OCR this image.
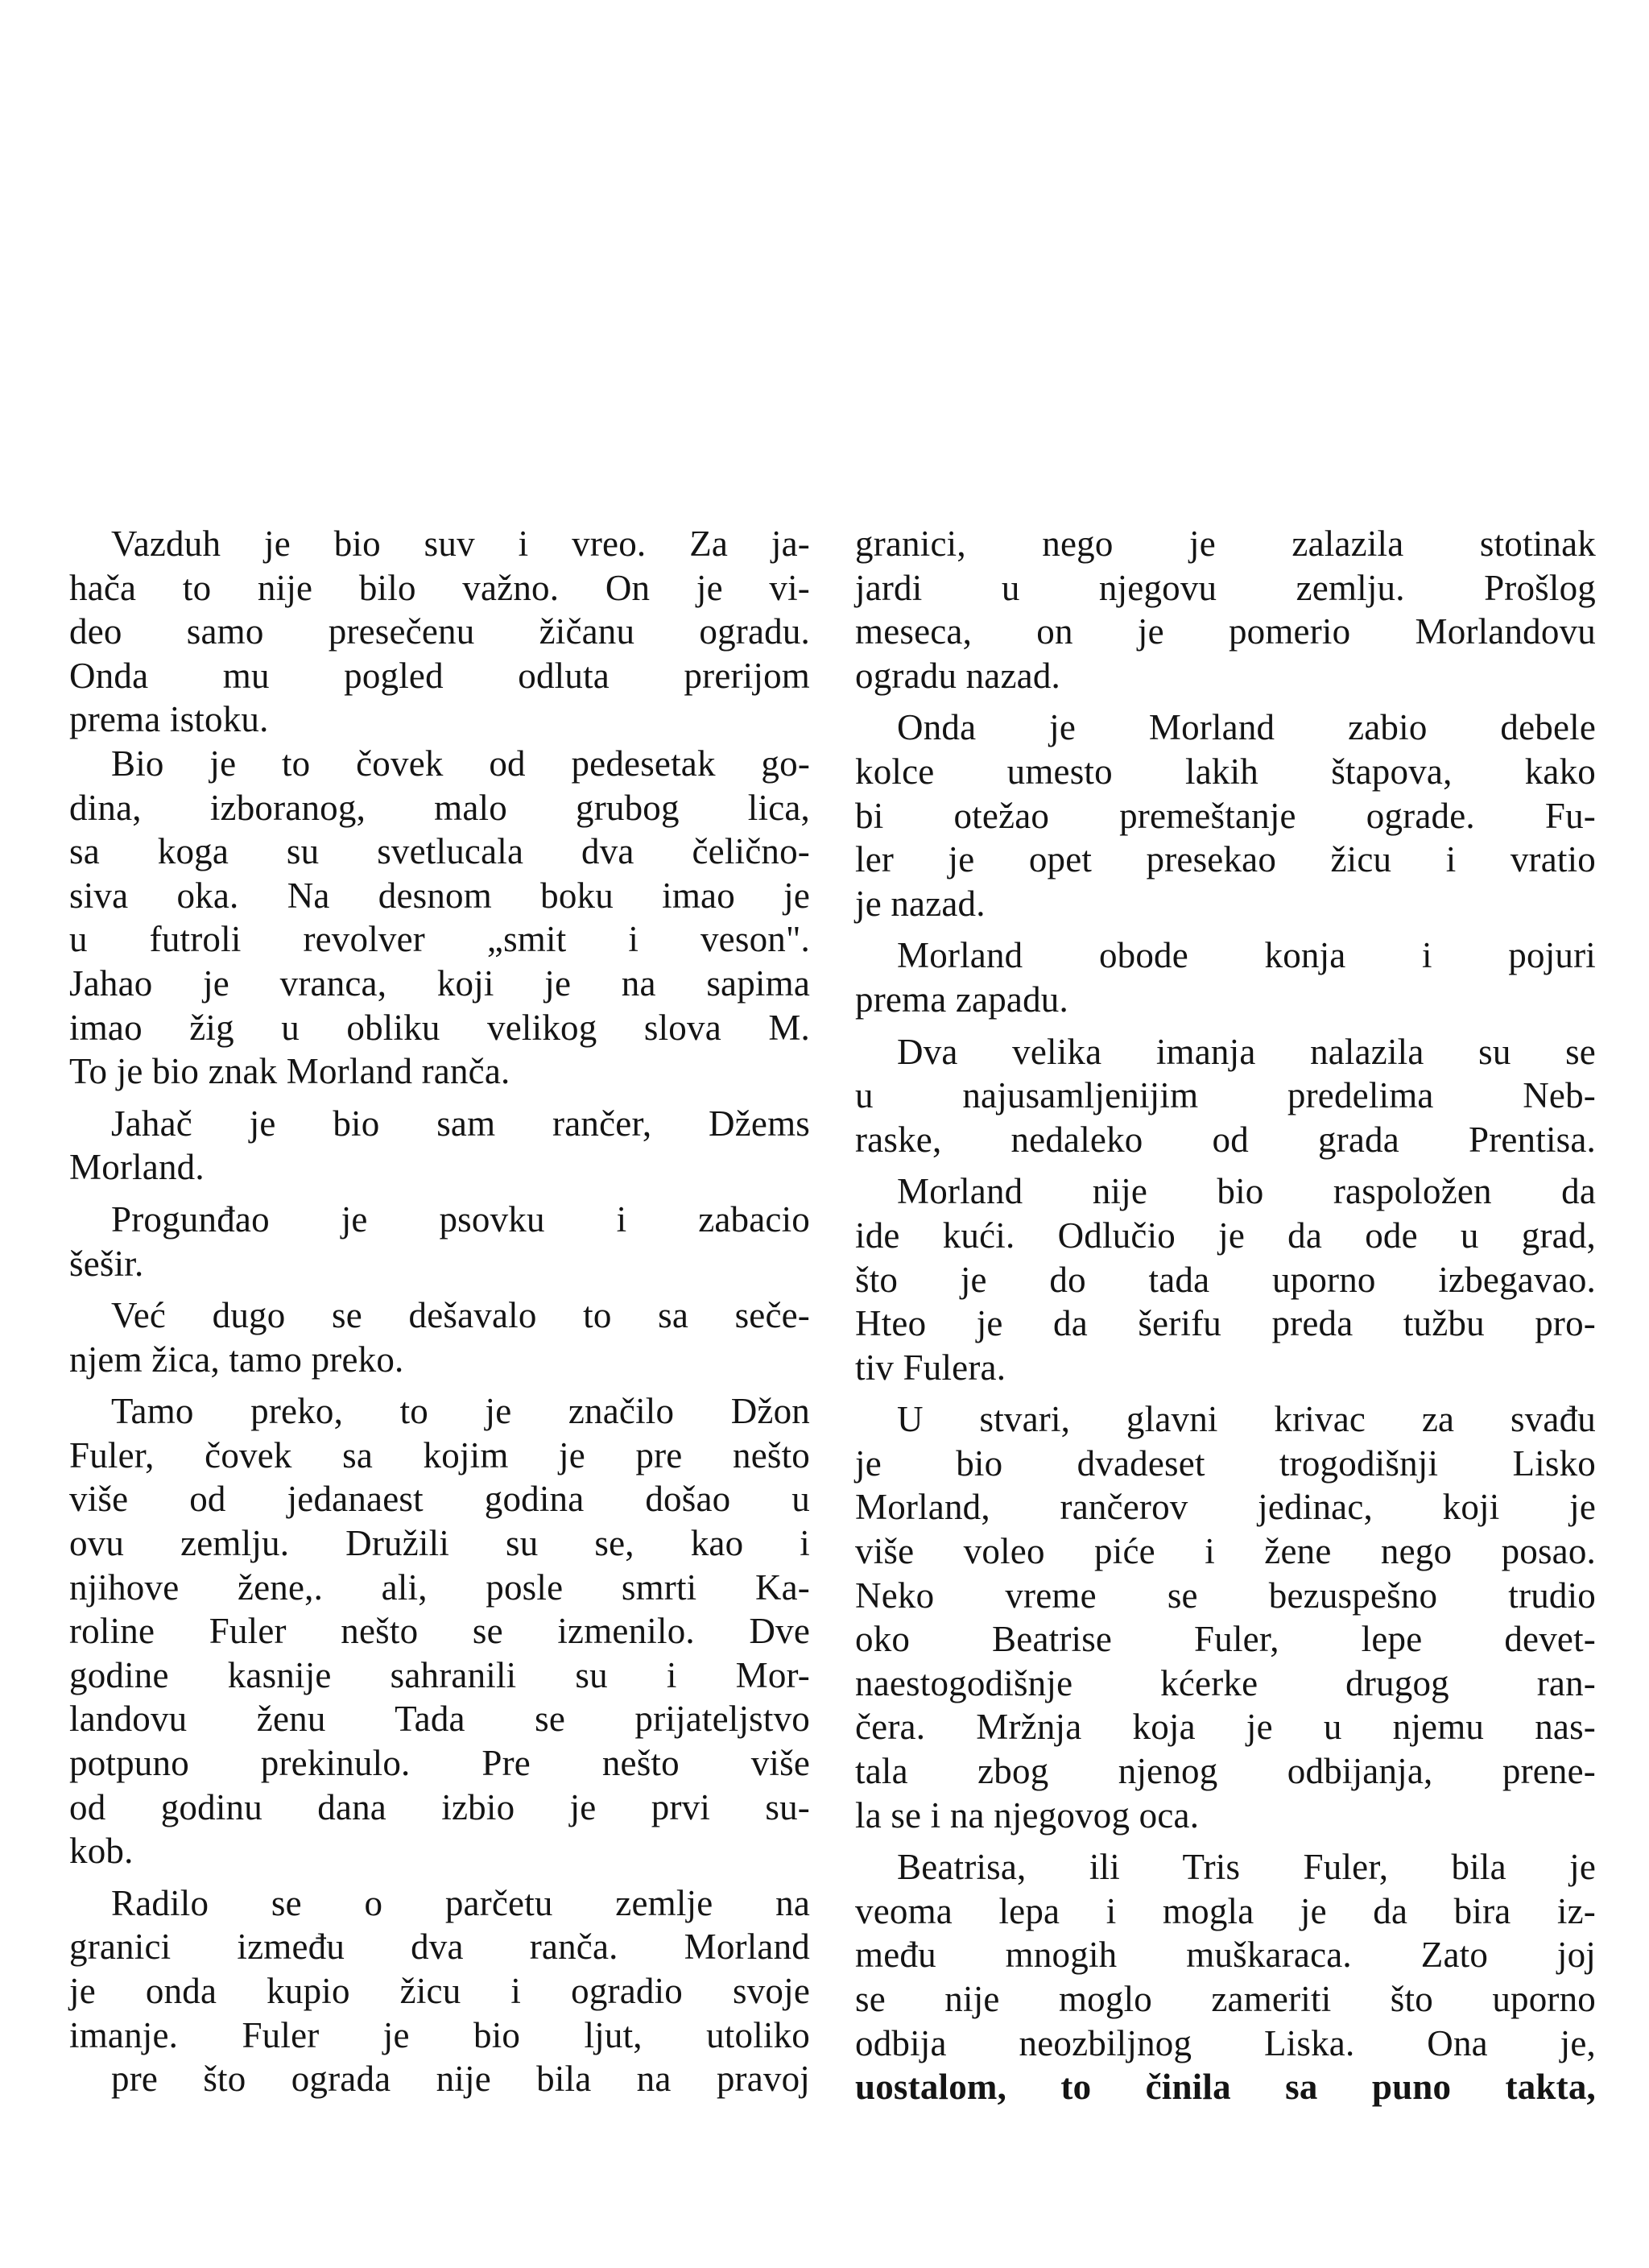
Vazduh je bio suv i vreo. Za ja-
hača to nije bilo važno. On je vi-
deo samo presečenu žičanu ogradu.
Onda mu pogled odluta prerijom
prema istoku.
Bio je to čovek od pedesetak go-
dina, izboranog, malo grubog lica,
sa koga su svetlucala dva čelično-
siva oka. Na desnom boku imao je
u futroli revolver „smit i veson".
Jahao je vranca, koji je na sapima
imao žig u obliku velikog slova M.
To je bio znak Morland ranča.
Jahač je bio sam rančer, Džems
Morland.
Progunđao je psovku i zabacio
šešir.
Već dugo se dešavalo to sa seče-
njem žica, tamo preko.
Tamo preko, to je značilo Džon
Fuler, čovek sa kojim je pre nešto
više od jedanaest godina došao u
ovu zemlju. Družili su se, kao i
njihove žene,. ali, posle smrti Ka-
roline Fuler nešto se izmenilo. Dve
godine kasnije sahranili su i Mor-
landovu ženu Tada se prijateljstvo
potpuno prekinulo. Pre nešto više
od godinu dana izbio je prvi su-
kob.
Radilo se o parčetu zemlje na
granici između dva ranča. Morland
je onda kupio žicu i ogradio svoje
imanje. Fuler je bio ljut, utoliko
pre što ograda nije bila na pravoj
granici, nego je zalazila stotinak
jardi u njegovu zemlju. Prošlog
meseca, on je pomerio Morlandovu
ogradu nazad.
Onda je Morland zabio debele
kolce umesto lakih štapova, kako
bi otežao premeštanje ograde. Fu-
ler je opet presekao žicu i vratio
je nazad.
Morland obode konja i pojuri
prema zapadu.
Dva velika imanja nalazila su se
u najusamljenijim predelima Neb-
raske, nedaleko od grada Prentisa.
Morland nije bio raspoložen da
ide kući. Odlučio je da ode u grad,
što je do tada uporno izbegavao.
Hteo je da šerifu preda tužbu pro-
tiv Fulera.
U stvari, glavni krivac za svađu
je bio dvadeset trogodišnji Lisko
Morland, rančerov jedinac, koji je
više voleo piće i žene nego posao.
Neko vreme se bezuspešno trudio
oko Beatrise Fuler, lepe devet-
naestogodišnje kćerke drugog ran-
čera. Mržnja koja je u njemu nas-
tala zbog njenog odbijanja, prene-
la se i na njegovog oca.
Beatrisa, ili Tris Fuler, bila je
veoma lepa i mogla je da bira iz-
među mnogih muškaraca. Zato joj
se nije moglo zameriti što uporno
odbija neozbiljnog Liska. Ona je,
uostalom, to činila sa puno takta,
